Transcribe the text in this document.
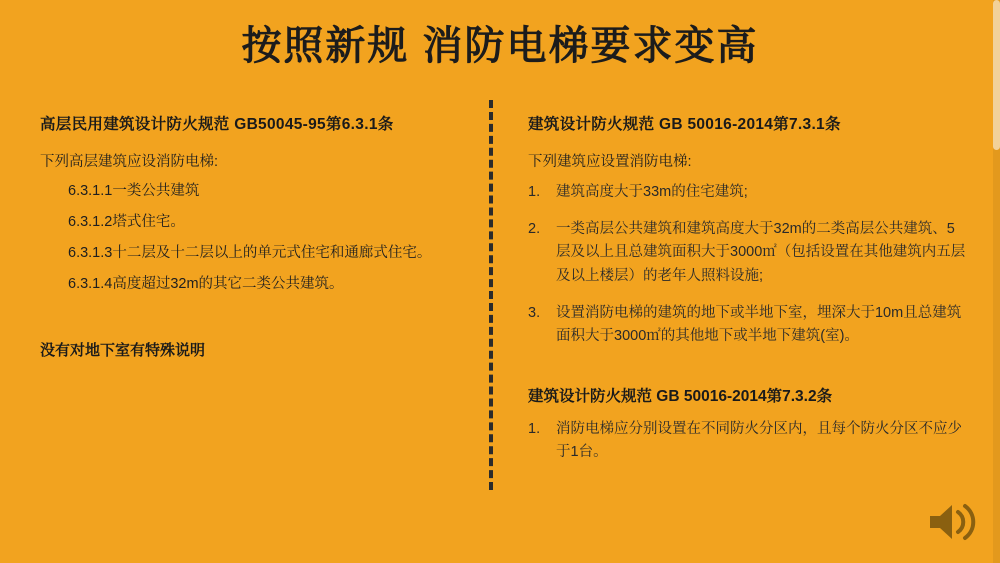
按照新规 消防电梯要求变高
高层民用建筑设计防火规范 GB50045-95第6.3.1条
下列高层建筑应设消防电梯:
6.3.1.1一类公共建筑
6.3.1.2塔式住宅。
6.3.1.3十二层及十二层以上的单元式住宅和通廊式住宅。
6.3.1.4高度超过32m的其它二类公共建筑。
没有对地下室有特殊说明
建筑设计防火规范 GB 50016-2014第7.3.1条
下列建筑应设置消防电梯:
1.	建筑高度大于33m的住宅建筑;
2.	一类高层公共建筑和建筑高度大于32m的二类高层公共建筑、5层及以上且总建筑面积大于3000㎡（包括设置在其他建筑内五层及以上楼层）的老年人照料设施;
3.	设置消防电梯的建筑的地下或半地下室，埋深大于10m且总建筑面积大于3000㎡的其他地下或半地下建筑(室)。
建筑设计防火规范 GB 50016-2014第7.3.2条
1.	消防电梯应分别设置在不同防火分区内，且每个防火分区不应少于1台。
